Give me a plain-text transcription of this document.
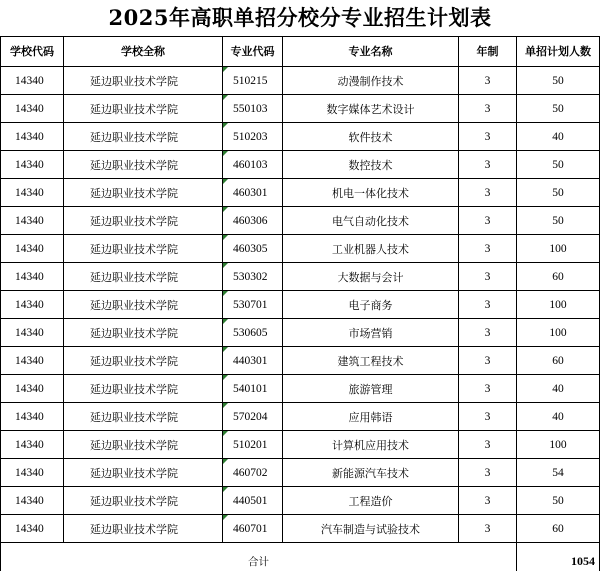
2025年高职单招分校分专业招生计划表
学校代码	学校全称	专业代码	专业名称	年制	单招计划人数
14340	延边职业技术学院	510215	动漫制作技术	3	50
14340	延边职业技术学院	550103	数字媒体艺术设计	3	50
14340	延边职业技术学院	510203	软件技术	3	40
14340	延边职业技术学院	460103	数控技术	3	50
14340	延边职业技术学院	460301	机电一体化技术	3	50
14340	延边职业技术学院	460306	电气自动化技术	3	50
14340	延边职业技术学院	460305	工业机器人技术	3	100
14340	延边职业技术学院	530302	大数据与会计	3	60
14340	延边职业技术学院	530701	电子商务	3	100
14340	延边职业技术学院	530605	市场营销	3	100
14340	延边职业技术学院	440301	建筑工程技术	3	60
14340	延边职业技术学院	540101	旅游管理	3	40
14340	延边职业技术学院	570204	应用韩语	3	40
14340	延边职业技术学院	510201	计算机应用技术	3	100
14340	延边职业技术学院	460702	新能源汽车技术	3	54
14340	延边职业技术学院	440501	工程造价	3	50
14340	延边职业技术学院	460701	汽车制造与试验技术	3	60
合计					1054
